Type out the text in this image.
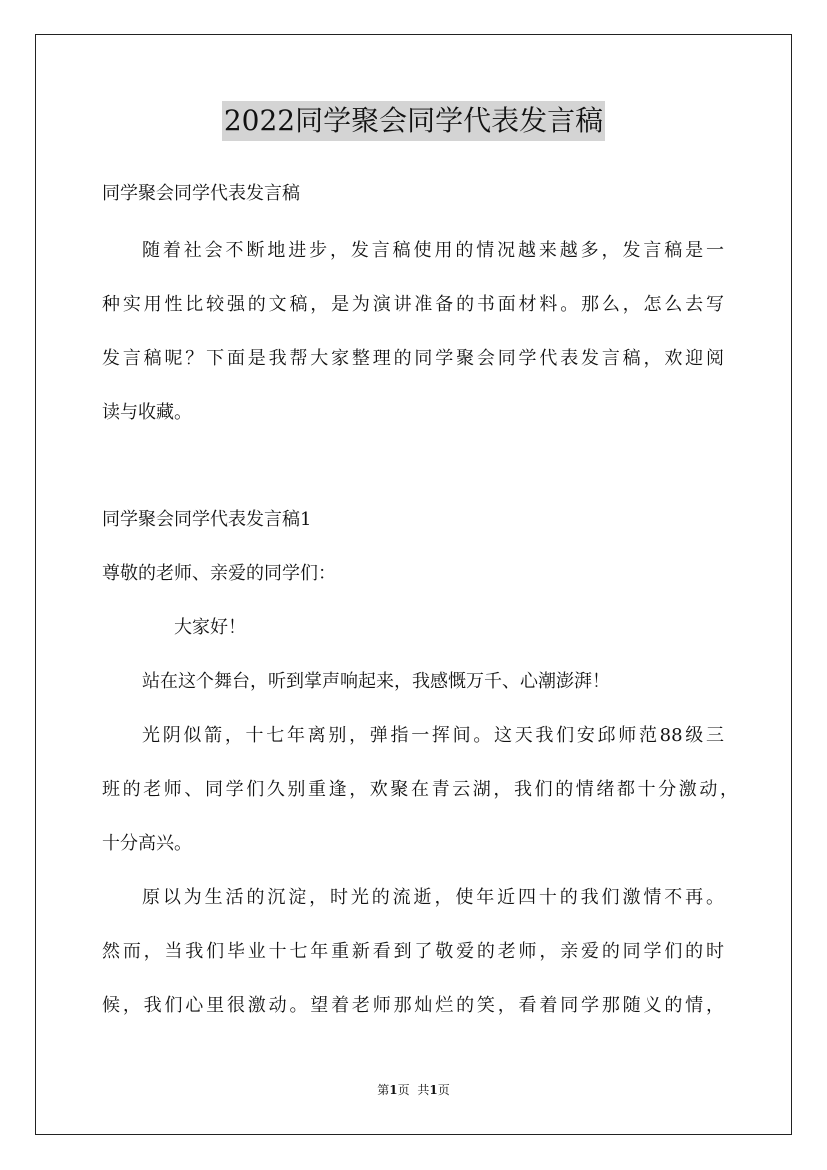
2022同学聚会同学代表发言稿
同学聚会同学代表发言稿
随着社会不断地进步，发言稿使用的情况越来越多，发言稿是一
种实用性比较强的文稿，是为演讲准备的书面材料。那么，怎么去写
发言稿呢？下面是我帮大家整理的同学聚会同学代表发言稿，欢迎阅
读与收藏。
同学聚会同学代表发言稿1
尊敬的老师、亲爱的同学们：
大家好！
站在这个舞台，听到掌声响起来，我感慨万千、心潮澎湃！
光阴似箭，十七年离别，弹指一挥间。这天我们安邱师范88级三
班的老师、同学们久别重逢，欢聚在青云湖，我们的情绪都十分激动，
十分高兴。
原以为生活的沉淀，时光的流逝，使年近四十的我们激情不再。
然而，当我们毕业十七年重新看到了敬爱的老师，亲爱的同学们的时
候，我们心里很激动。望着老师那灿烂的笑，看着同学那随义的情，
第1页 共1页
